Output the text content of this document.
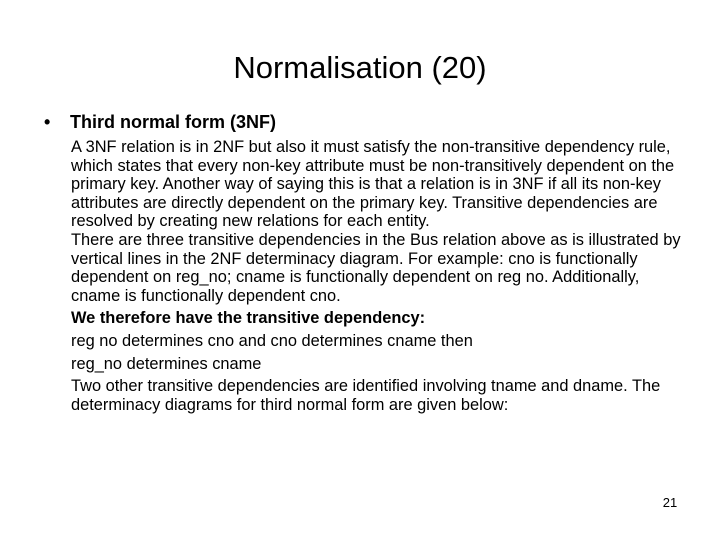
Normalisation (20)
• Third normal form (3NF)

A 3NF relation is in 2NF but also it must satisfy the non-transitive dependency rule, which states that every non-key attribute must be non-transitively dependent on the primary key. Another way of saying this is that a relation is in 3NF if all its non-key attributes are directly dependent on the primary key. Transitive dependencies are resolved by creating new relations for each entity.

There are three transitive dependencies in the Bus relation above as is illustrated by vertical lines in the 2NF determinacy diagram. For example: cno is functionally dependent on reg_no; cname is functionally dependent on reg no. Additionally, cname is functionally dependent cno.

We therefore have the transitive dependency:

reg no determines cno and cno determines cname then

reg_no determines cname

Two other transitive dependencies are identified involving tname and dname. The determinacy diagrams for third normal form are given below:

21
